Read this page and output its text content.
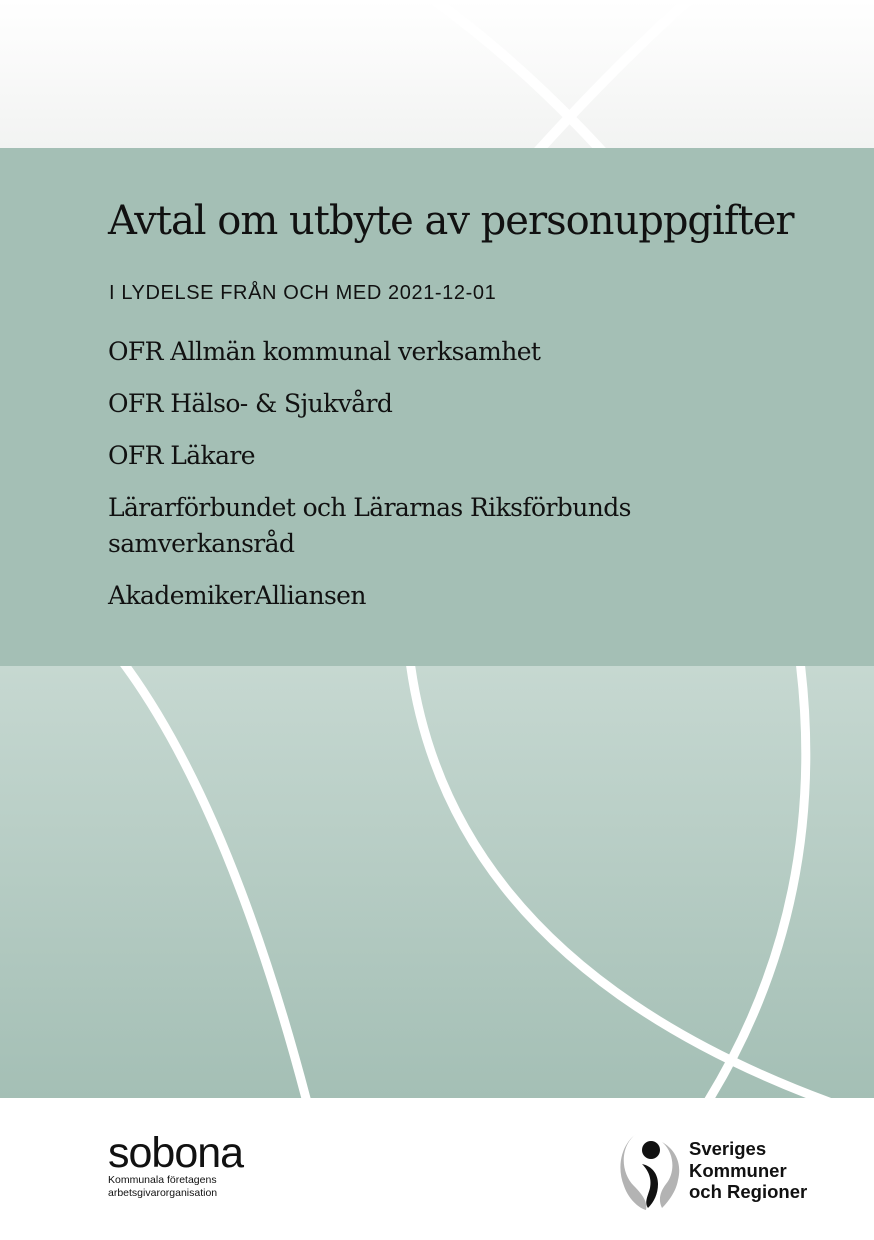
Avtal om utbyte av personuppgifter

I LYDELSE FRÅN OCH MED 2021-12-01

OFR Allmän kommunal verksamhet
OFR Hälso- & Sjukvård
OFR Läkare
Lärarförbundet och Lärarnas Riksförbunds samverkansråd
AkademikerAlliansen
sobona
Kommunala företagens arbetsgivarorganisation
Sveriges
Kommuner
och Regioner
